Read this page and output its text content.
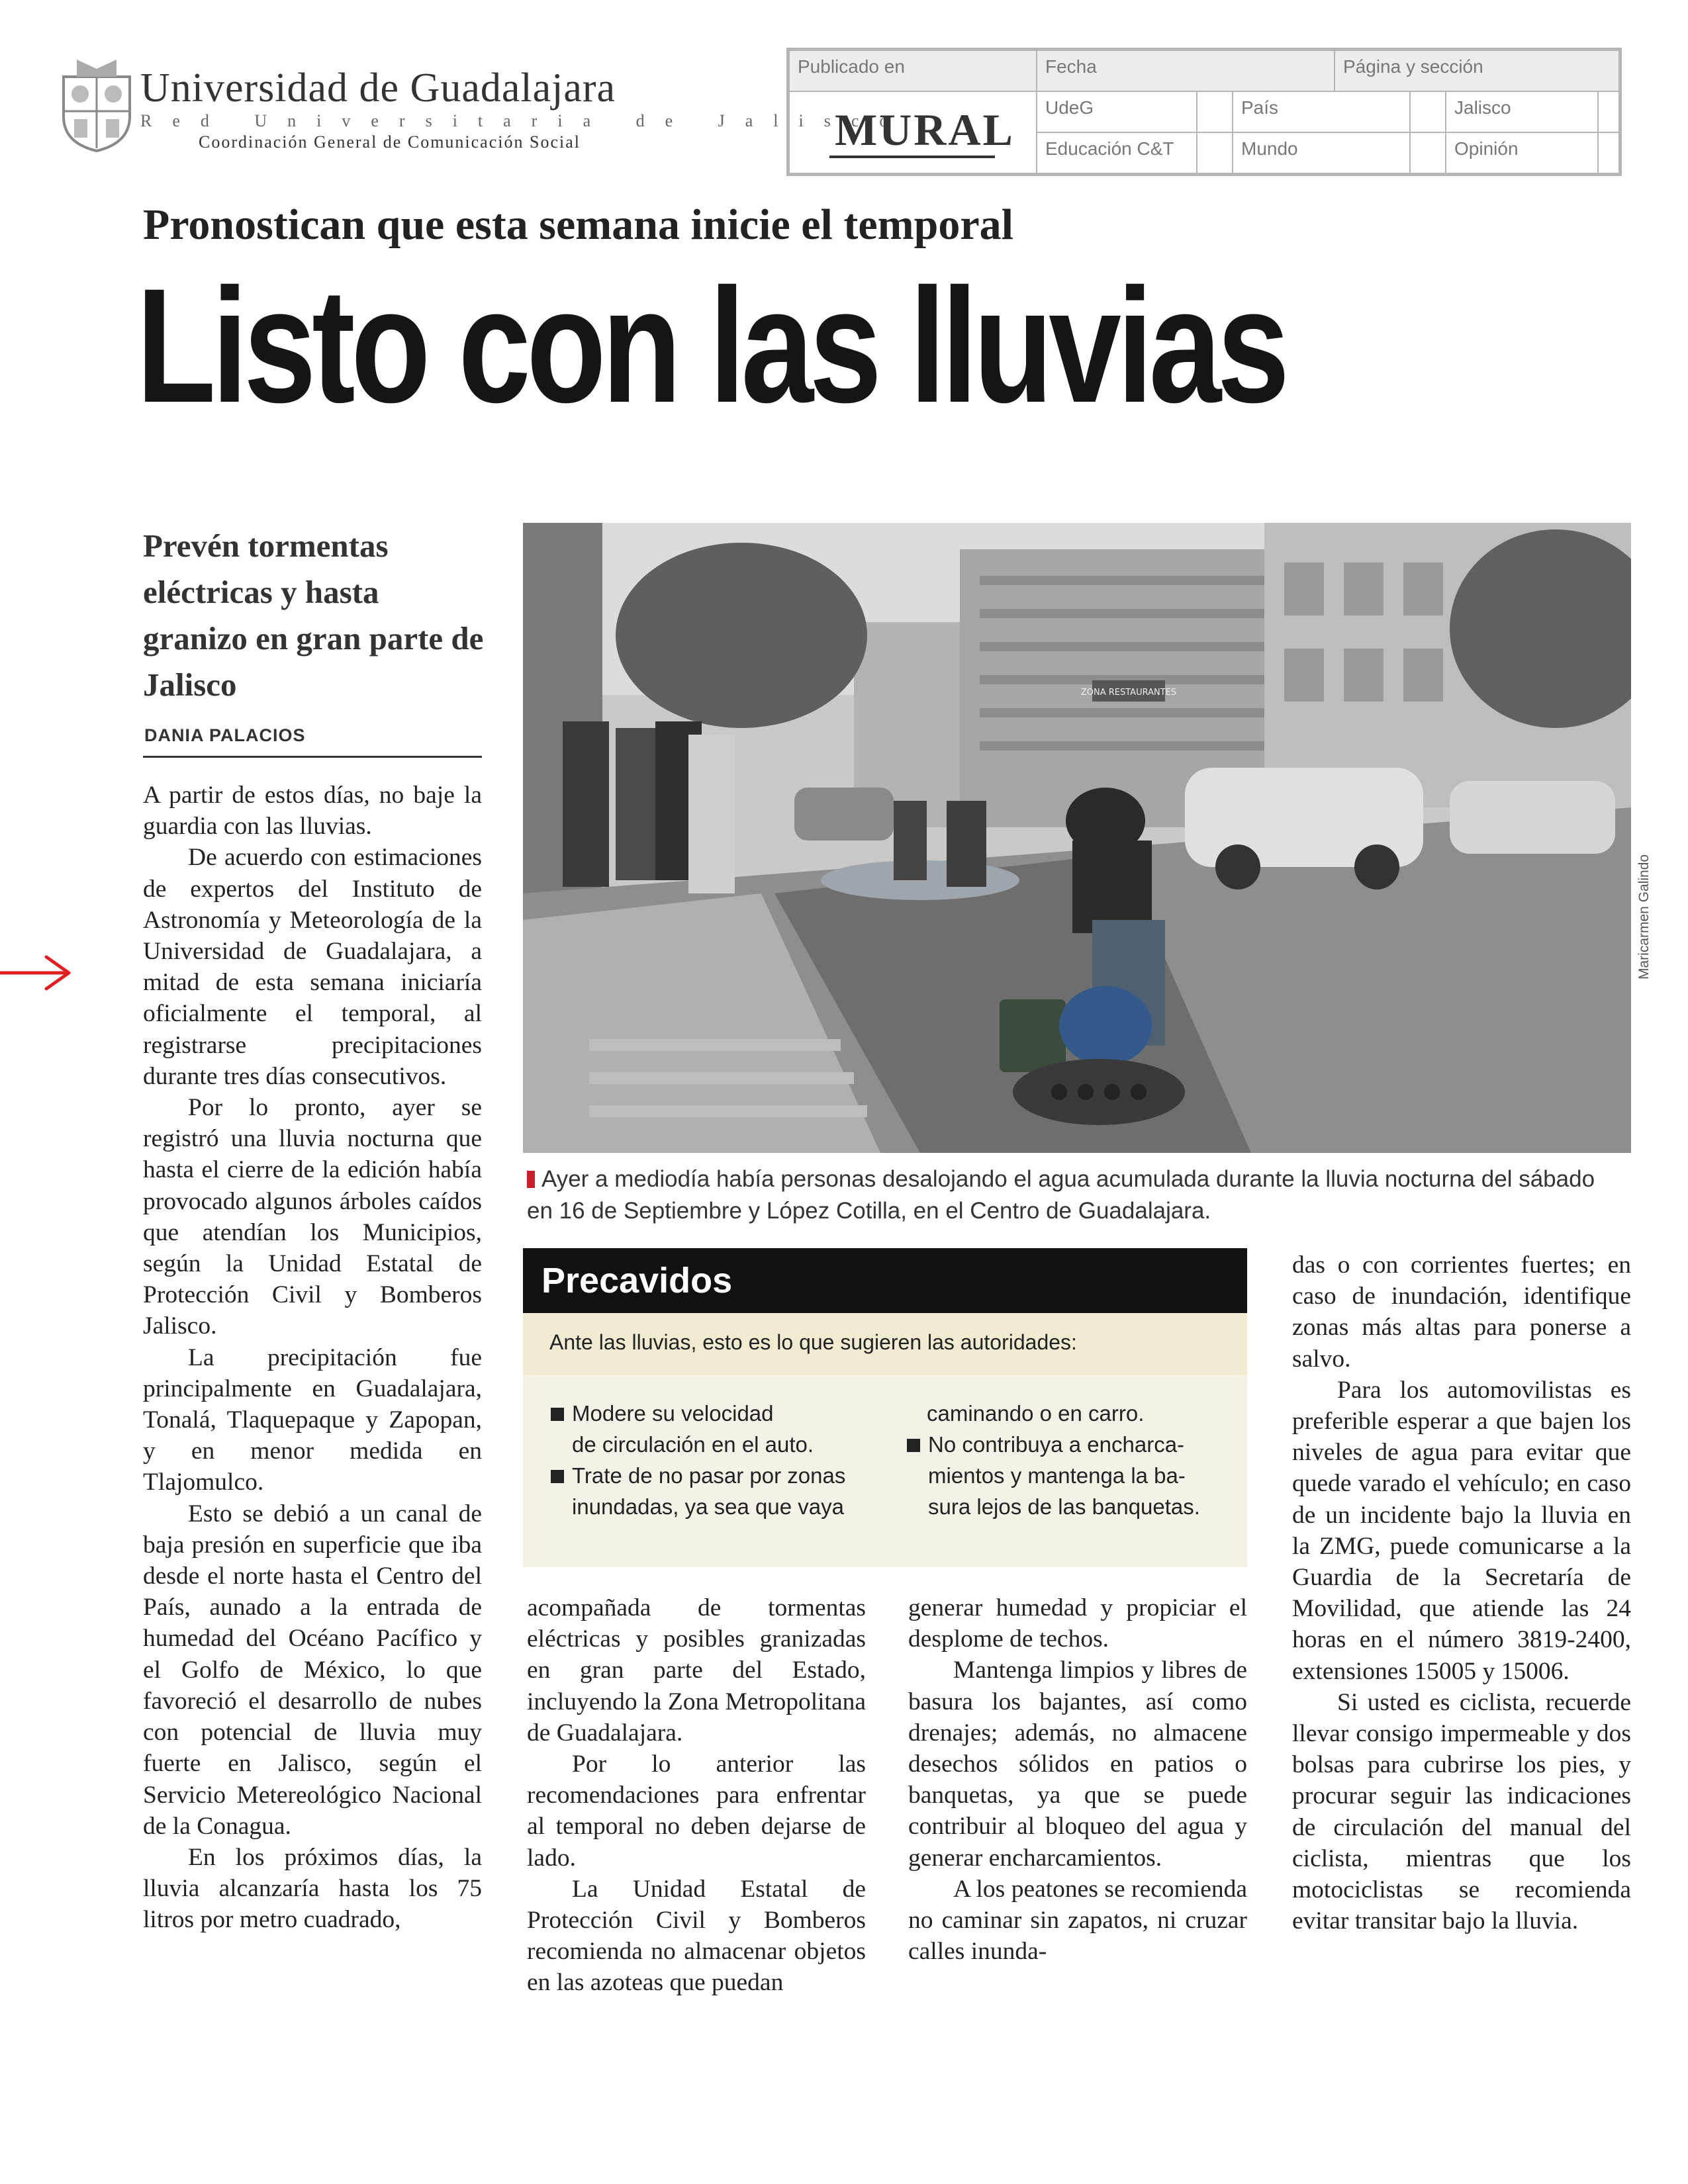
Universidad de Guadalajara
Red Universitaria de Jalisco
Coordinación General de Comunicación Social
Publicado en	Fecha	Página y sección
MURAL	UdeG	País	Jalisco
Educación C&T	Mundo	Opinión
Pronostican que esta semana inicie el temporal
Listo con las lluvias
Prevén tormentas eléctricas y hasta granizo en gran parte de Jalisco
DANIA PALACIOS

A partir de estos días, no baje la guardia con las lluvias.

De acuerdo con estimaciones de expertos del Instituto de Astronomía y Meteorología de la Universidad de Guadalajara, a mitad de esta semana iniciaría oficialmente el temporal, al registrarse precipitaciones durante tres días consecutivos.

Por lo pronto, ayer se registró una lluvia nocturna que hasta el cierre de la edición había provocado algunos árboles caídos que atendían los Municipios, según la Unidad Estatal de Protección Civil y Bomberos Jalisco.

La precipitación fue principalmente en Guadalajara, Tonalá, Tlaquepaque y Zapopan, y en menor medida en Tlajomulco.

Esto se debió a un canal de baja presión en superficie que iba desde el norte hasta el Centro del País, aunado a la entrada de humedad del Océano Pacífico y el Golfo de México, lo que favoreció el desarrollo de nubes con potencial de lluvia muy fuerte en Jalisco, según el Servicio Metereológico Nacional de la Conagua.

En los próximos días, la lluvia alcanzaría hasta los 75 litros por metro cuadrado,

ZONA RESTAURANTES
Maricarmen Galindo
Ayer a mediodía había personas desalojando el agua acumulada durante la lluvia nocturna del sábado en 16 de Septiembre y López Cotilla, en el Centro de Guadalajara.
Precavidos
Ante las lluvias, esto es lo que sugieren las autoridades:
Modere su velocidad
de circulación en el auto.
Trate de no pasar por zonas
inundadas, ya sea que vaya
caminando o en carro.
No contribuya a encharca-
mientos y mantenga la ba-
sura lejos de las banquetas.

acompañada de tormentas eléctricas y posibles granizadas en gran parte del Estado, incluyendo la Zona Metropolitana de Guadalajara.

Por lo anterior las recomendaciones para enfrentar al temporal no deben dejarse de lado.

La Unidad Estatal de Protección Civil y Bomberos recomienda no almacenar objetos en las azoteas que puedan

generar humedad y propiciar el desplome de techos.

Mantenga limpios y libres de basura los bajantes, así como drenajes; además, no almacene desechos sólidos en patios o banquetas, ya que se puede contribuir al bloqueo del agua y generar encharcamientos.

A los peatones se recomienda no caminar sin zapatos, ni cruzar calles inunda-

das o con corrientes fuertes; en caso de inundación, identifique zonas más altas para ponerse a salvo.

Para los automovilistas es preferible esperar a que bajen los niveles de agua para evitar que quede varado el vehículo; en caso de un incidente bajo la lluvia en la ZMG, puede comunicarse a la Guardia de la Secretaría de Movilidad, que atiende las 24 horas en el número 3819-2400, extensiones 15005 y 15006.

Si usted es ciclista, recuerde llevar consigo impermeable y dos bolsas para cubrirse los pies, y procurar seguir las indicaciones de circulación del manual del ciclista, mientras que los motociclistas se recomienda evitar transitar bajo la lluvia.
